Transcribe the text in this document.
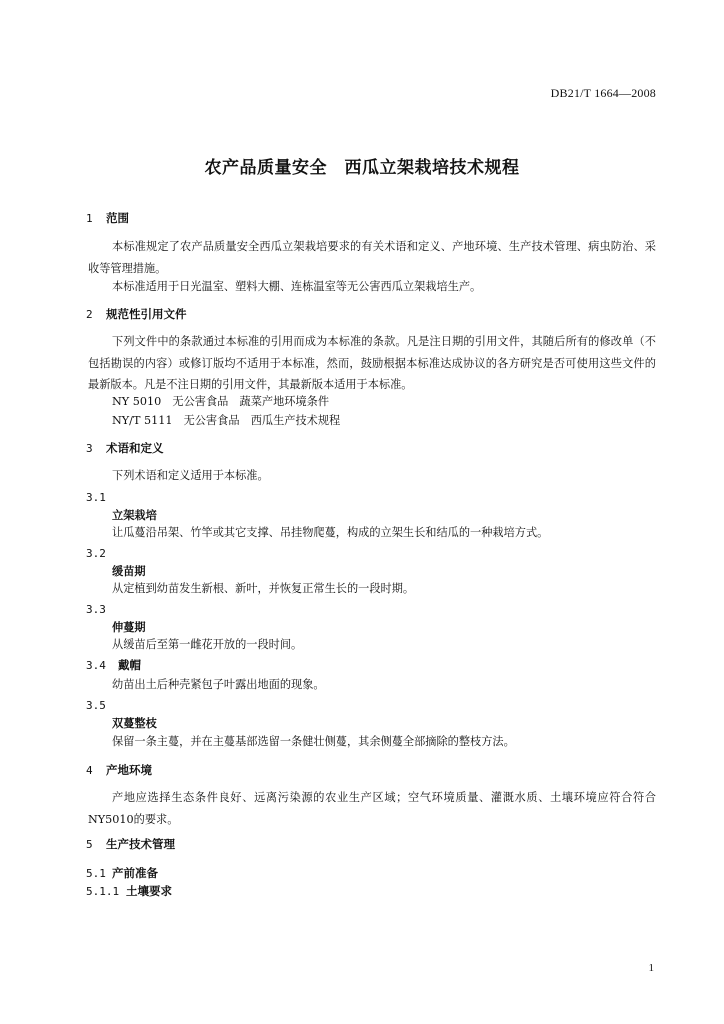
DB21/T 1664—2008
农产品质量安全　西瓜立架栽培技术规程
1 范围
本标准规定了农产品质量安全西瓜立架栽培要求的有关术语和定义、产地环境、生产技术管理、病虫防治、采收等管理措施。
本标准适用于日光温室、塑料大棚、连栋温室等无公害西瓜立架栽培生产。
2 规范性引用文件
下列文件中的条款通过本标准的引用而成为本标准的条款。凡是注日期的引用文件，其随后所有的修改单（不包括勘误的内容）或修订版均不适用于本标准，然而，鼓励根据本标准达成协议的各方研究是否可使用这些文件的最新版本。凡是不注日期的引用文件，其最新版本适用于本标准。
NY 5010　无公害食品　蔬菜产地环境条件
NY/T 5111　无公害食品　西瓜生产技术规程
3 术语和定义
下列术语和定义适用于本标准。
3.1
立架栽培
让瓜蔓沿吊架、竹竿或其它支撑、吊挂物爬蔓，构成的立架生长和结瓜的一种栽培方式。
3.2
缓苗期
从定植到幼苗发生新根、新叶，并恢复正常生长的一段时期。
3.3
伸蔓期
从缓苗后至第一雌花开放的一段时间。
3.4 戴帽
幼苗出土后种壳紧包子叶露出地面的现象。
3.5
双蔓整枝
保留一条主蔓，并在主蔓基部选留一条健壮侧蔓，其余侧蔓全部摘除的整枝方法。
4 产地环境
产地应选择生态条件良好、远离污染源的农业生产区域；空气环境质量、灌溉水质、土壤环境应符合符合NY5010的要求。
5 生产技术管理
5.1 产前准备
5.1.1 土壤要求
1
